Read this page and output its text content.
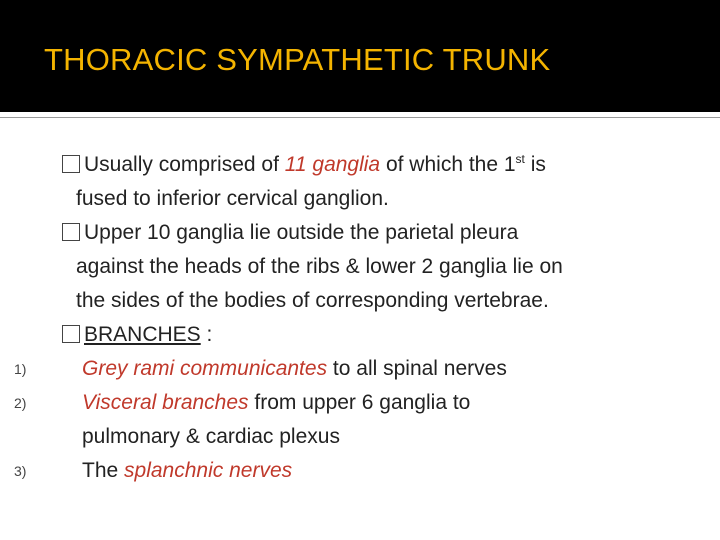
THORACIC SYMPATHETIC TRUNK
Usually comprised of 11 ganglia of which the 1st is
fused to inferior cervical ganglion.
Upper 10 ganglia lie outside the parietal pleura
against the heads of the ribs & lower 2 ganglia lie on
the sides of the bodies of corresponding vertebrae.
BRANCHES :
1)	Grey rami communicantes to all spinal nerves
2)	Visceral branches from upper 6 ganglia to
pulmonary & cardiac plexus
3)	The splanchnic nerves
